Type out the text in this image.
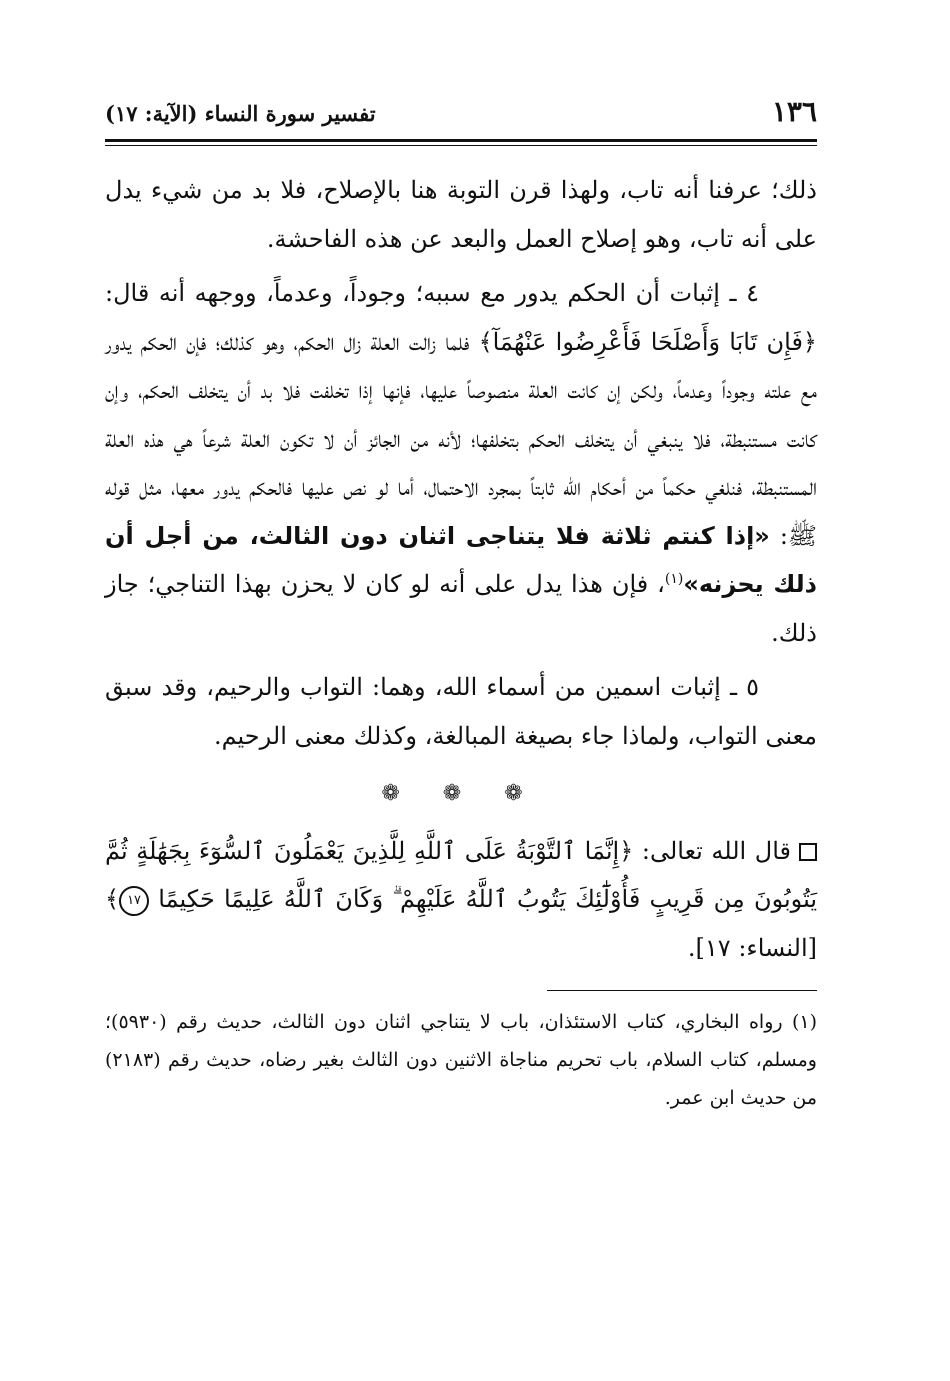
١٣٦
تفسير سورة النساء (الآية: ١٧)

ذلك؛ عرفنا أنه تاب، ولهذا قرن التوبة هنا بالإصلاح، فلا بد من شيء يدل على أنه تاب، وهو إصلاح العمل والبعد عن هذه الفاحشة.

٤ ـ إثبات أن الحكم يدور مع سببه؛ وجوداً، وعدماً، ووجهه أنه قال: ﴿فَإِن تَابَا وَأَصْلَحَا فَأَعْرِضُوا عَنْهُمَآ﴾ فلما زالت العلة زال الحكم، وهو كذلك؛ فإن الحكم يدور مع علته وجوداً وعدماً، ولكن إن كانت العلة منصوصاً عليها، فإنها إذا تخلفت فلا بد أن يتخلف الحكم، وإن كانت مستنبطة، فلا ينبغي أن يتخلف الحكم بتخلفها؛ لأنه من الجائز أن لا تكون العلة شرعاً هي هذه العلة المستنبطة، فنلغي حكماً من أحكام الله ثابتاً بمجرد الاحتمال، أما لو نص عليها فالحكم يدور معها، مثل قوله ﷺ: «إذا كنتم ثلاثة فلا يتناجى اثنان دون الثالث، من أجل أن ذلك يحزنه»$^{(١)}$، فإن هذا يدل على أنه لو كان لا يحزن بهذا التناجي؛ جاز ذلك.

٥ ـ إثبات اسمين من أسماء الله، وهما: التواب والرحيم، وقد سبق معنى التواب، ولماذا جاء بصيغة المبالغة، وكذلك معنى الرحيم.

❁ ❁ ❁

قال الله تعالى: ﴿إِنَّمَا ٱلتَّوْبَةُ عَلَى ٱللَّهِ لِلَّذِينَ يَعْمَلُونَ ٱلسُّوٓءَ بِجَهَٰلَةٍ ثُمَّ يَتُوبُونَ مِن قَرِيبٍ فَأُوْلَٰٓئِكَ يَتُوبُ ٱللَّهُ عَلَيْهِمْ ۗ وَكَانَ ٱللَّهُ عَلِيمًا حَكِيمًا ١٧﴾ [النساء: ١٧].

(١) رواه البخاري، كتاب الاستئذان، باب لا يتناجي اثنان دون الثالث، حديث رقم (٥٩٣٠)؛ ومسلم، كتاب السلام، باب تحريم مناجاة الاثنين دون الثالث بغير رضاه، حديث رقم (٢١٨٣) من حديث ابن عمر.
